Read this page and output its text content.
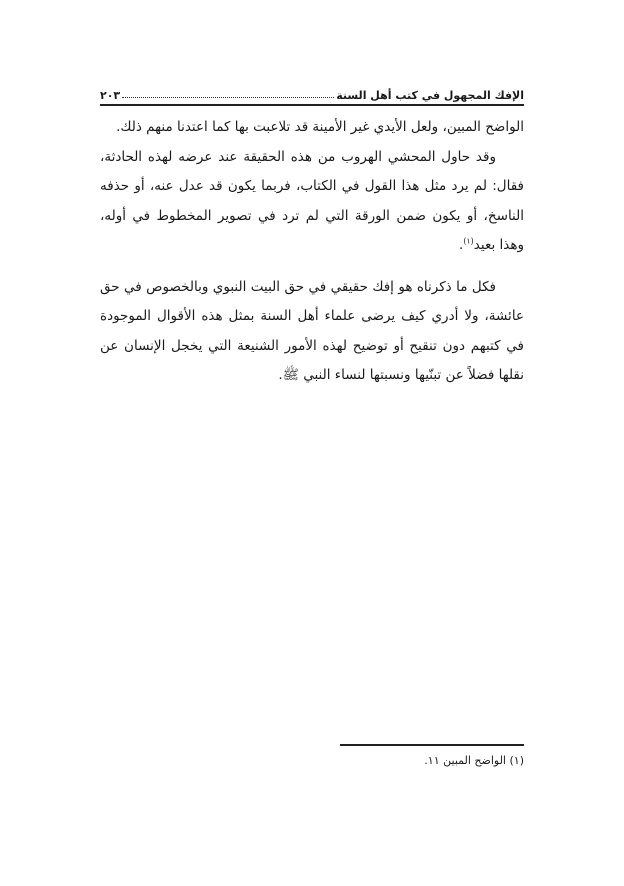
الإفك المجهول في كتب أهل السنة
٢٠٣

الواضح المبين، ولعل الأيدي غير الأمينة قد تلاعبت بها كما اعتدنا منهم ذلك.

وقد حاول المحشي الهروب من هذه الحقيقة عند عرضه لهذه الحادثة، فقال: لم يرد مثل هذا القول في الكتاب، فربما يكون قد عدل عنه، أو حذفه الناسخ، أو يكون ضمن الورقة التي لم ترد في تصوير المخطوط في أوله، وهذا بعيد$^{(١)}$.

فكل ما ذكرناه هو إفك حقيقي في حق البيت النبوي وبالخصوص في حق عائشة، ولا أدري كيف يرضى علماء أهل السنة بمثل هذه الأقوال الموجودة في كتبهم دون تنقيح أو توضيح لهذه الأمور الشنيعة التي يخجل الإنسان عن نقلها فضلاً عن تبنّيها ونسبتها لنساء النبي ﷺ.

(١) الواضح المبين ١١.
